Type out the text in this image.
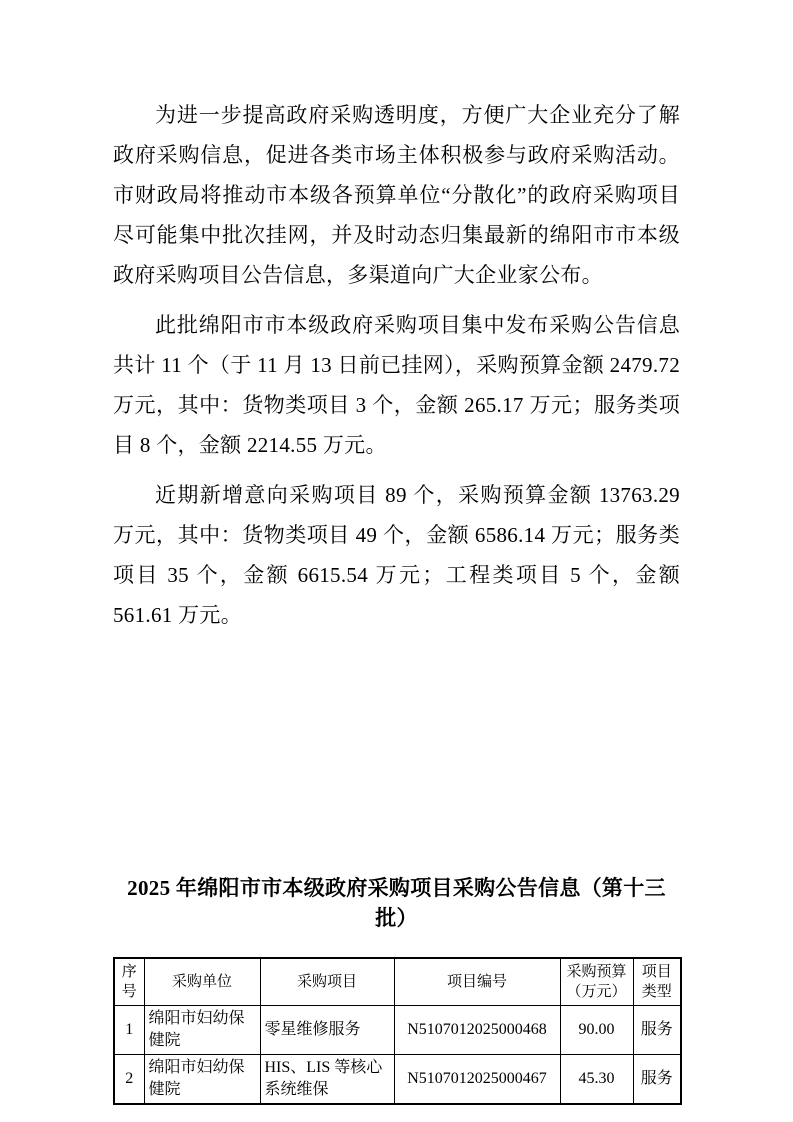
为进一步提高政府采购透明度，方便广大企业充分了解政府采购信息，促进各类市场主体积极参与政府采购活动。市财政局将推动市本级各预算单位“分散化”的政府采购项目尽可能集中批次挂网，并及时动态归集最新的绵阳市市本级政府采购项目公告信息，多渠道向广大企业家公布。

此批绵阳市市本级政府采购项目集中发布采购公告信息共计 11 个（于 11 月 13 日前已挂网），采购预算金额 2479.72 万元，其中：货物类项目 3 个，金额 265.17 万元；服务类项目 8 个，金额 2214.55 万元。

近期新增意向采购项目 89 个，采购预算金额 13763.29 万元，其中：货物类项目 49 个，金额 6586.14 万元；服务类项目 35 个，金额 6615.54 万元；工程类项目 5 个，金额 561.61 万元。

2025 年绵阳市市本级政府采购项目采购公告信息（第十三批）
序号	采购单位	采购项目	项目编号	采购预算（万元）	项目类型
1	绵阳市妇幼保健院	零星维修服务	N5107012025000468	90.00	服务
2	绵阳市妇幼保健院	HIS、LIS 等核心系统维保	N5107012025000467	45.30	服务
